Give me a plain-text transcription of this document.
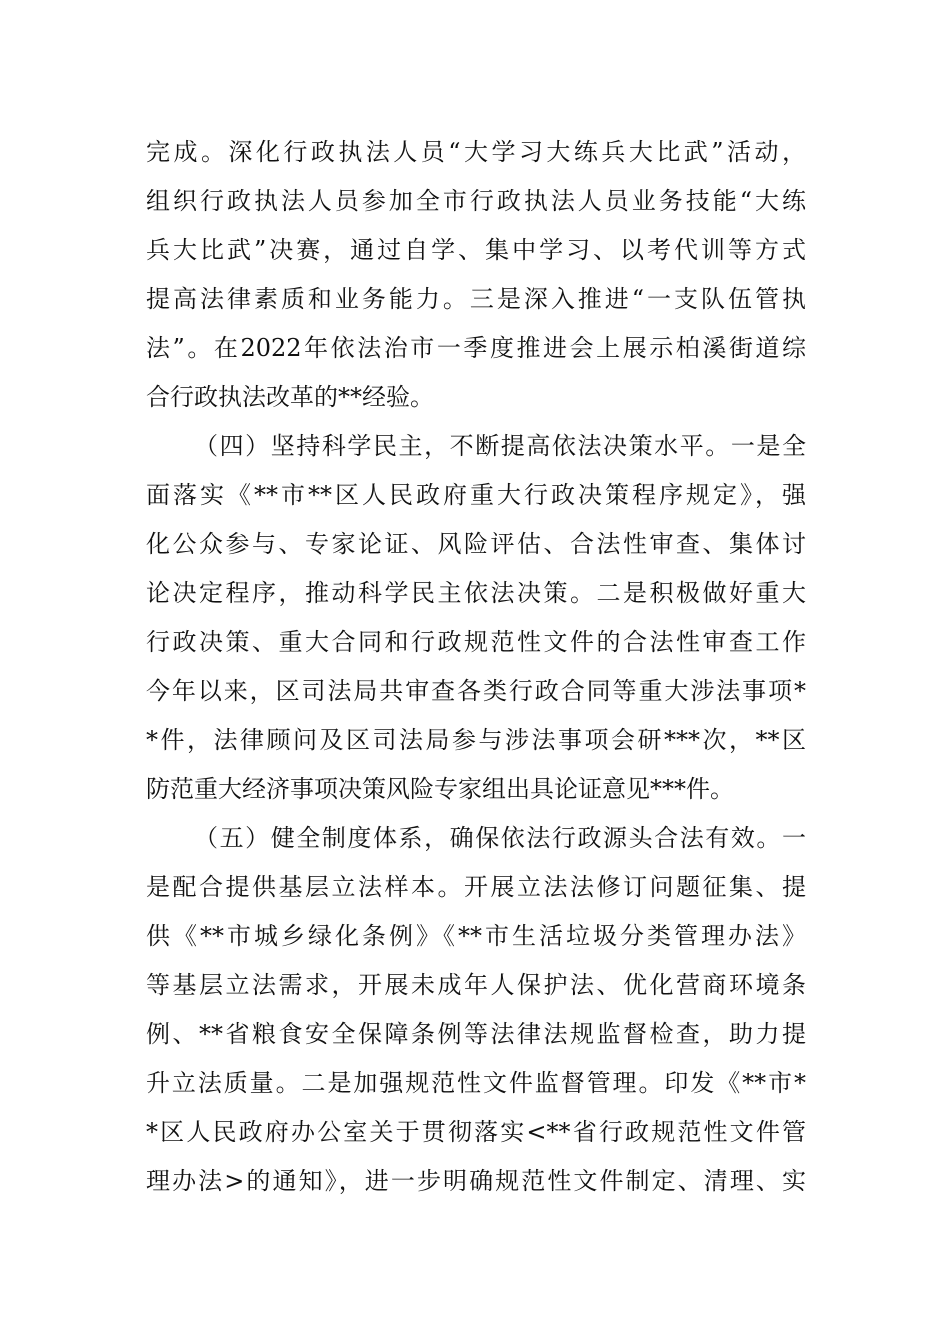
完成。深化行政执法人员“大学习大练兵大比武”活动，
组织行政执法人员参加全市行政执法人员业务技能“大练
兵大比武”决赛，通过自学、集中学习、以考代训等方式
提高法律素质和业务能力。三是深入推进“一支队伍管执
法”。在2022年依法治市一季度推进会上展示柏溪街道综
合行政执法改革的**经验。
（四）坚持科学民主，不断提高依法决策水平。一是全
面落实《**市**区人民政府重大行政决策程序规定》，强
化公众参与、专家论证、风险评估、合法性审查、集体讨
论决定程序，推动科学民主依法决策。二是积极做好重大
行政决策、重大合同和行政规范性文件的合法性审查工作
今年以来，区司法局共审查各类行政合同等重大涉法事项*
*件，法律顾问及区司法局参与涉法事项会研***次，**区
防范重大经济事项决策风险专家组出具论证意见***件。
（五）健全制度体系，确保依法行政源头合法有效。一
是配合提供基层立法样本。开展立法法修订问题征集、提
供《**市城乡绿化条例》《**市生活垃圾分类管理办法》
等基层立法需求，开展未成年人保护法、优化营商环境条
例、**省粮食安全保障条例等法律法规监督检查，助力提
升立法质量。二是加强规范性文件监督管理。印发《**市*
*区人民政府办公室关于贯彻落实<**省行政规范性文件管
理办法>的通知》，进一步明确规范性文件制定、清理、实
